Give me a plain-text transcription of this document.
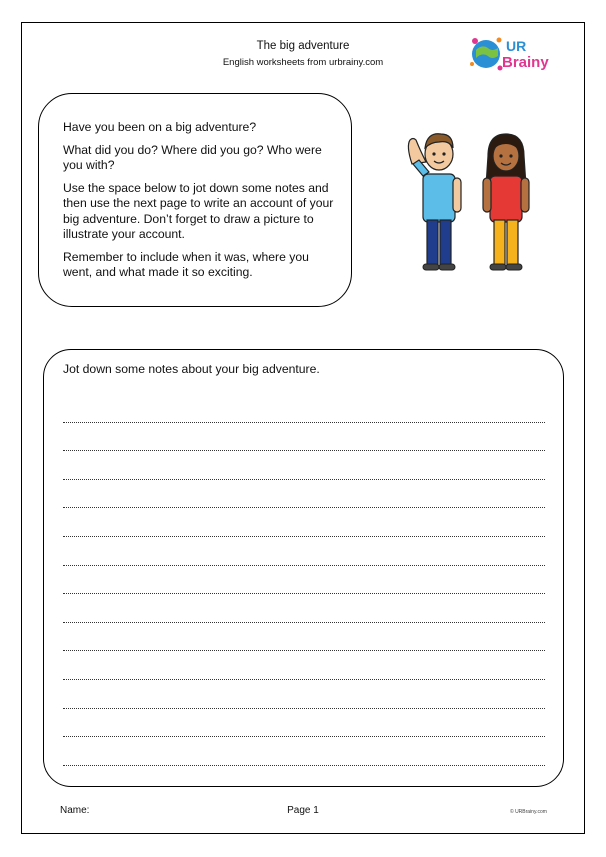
The big adventure
English worksheets from urbrainy.com
UR
Brainy

Have you been on a big adventure?

What did you do? Where did you go? Who were you with?

Use the space below to jot down some notes and then use the next page to write an account of your big adventure. Don’t forget to draw a picture to illustrate your account.

Remember to include when it was, where you went, and what made it so exciting.

Jot down some notes about your big adventure.
Name:	Page 1	© URBrainy.com
